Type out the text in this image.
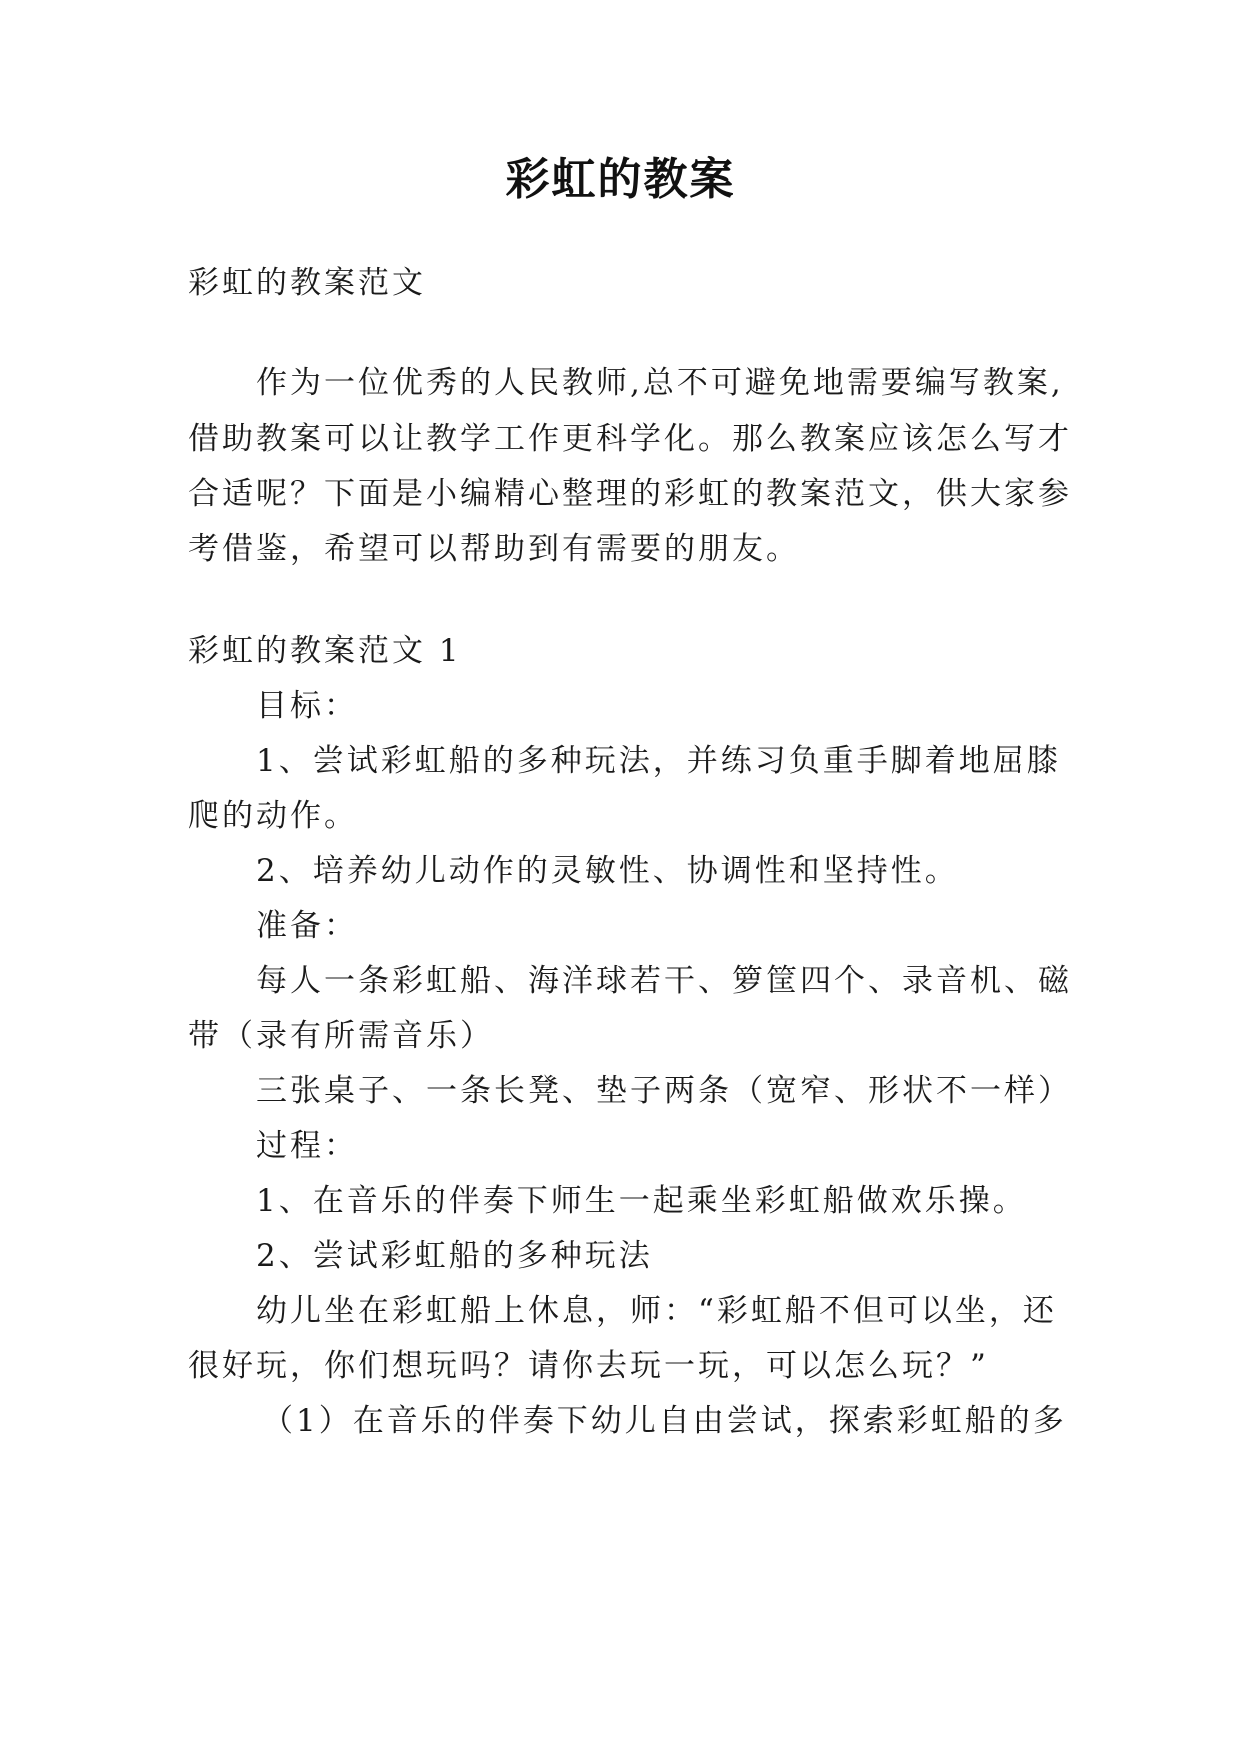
彩虹的教案
彩虹的教案范文
作为一位优秀的人民教师,总不可避免地需要编写教案,
借助教案可以让教学工作更科学化。那么教案应该怎么写才
合适呢？下面是小编精心整理的彩虹的教案范文，供大家参
考借鉴，希望可以帮助到有需要的朋友。
彩虹的教案范文 1
目标：
1、尝试彩虹船的多种玩法，并练习负重手脚着地屈膝
爬的动作。
2、培养幼儿动作的灵敏性、协调性和坚持性。
准备：
每人一条彩虹船、海洋球若干、箩筐四个、录音机、磁
带（录有所需音乐）
三张桌子、一条长凳、垫子两条（宽窄、形状不一样）
过程：
1、在音乐的伴奏下师生一起乘坐彩虹船做欢乐操。
2、尝试彩虹船的多种玩法
幼儿坐在彩虹船上休息，师：“彩虹船不但可以坐，还
很好玩，你们想玩吗？请你去玩一玩，可以怎么玩？”
（1）在音乐的伴奏下幼儿自由尝试，探索彩虹船的多
